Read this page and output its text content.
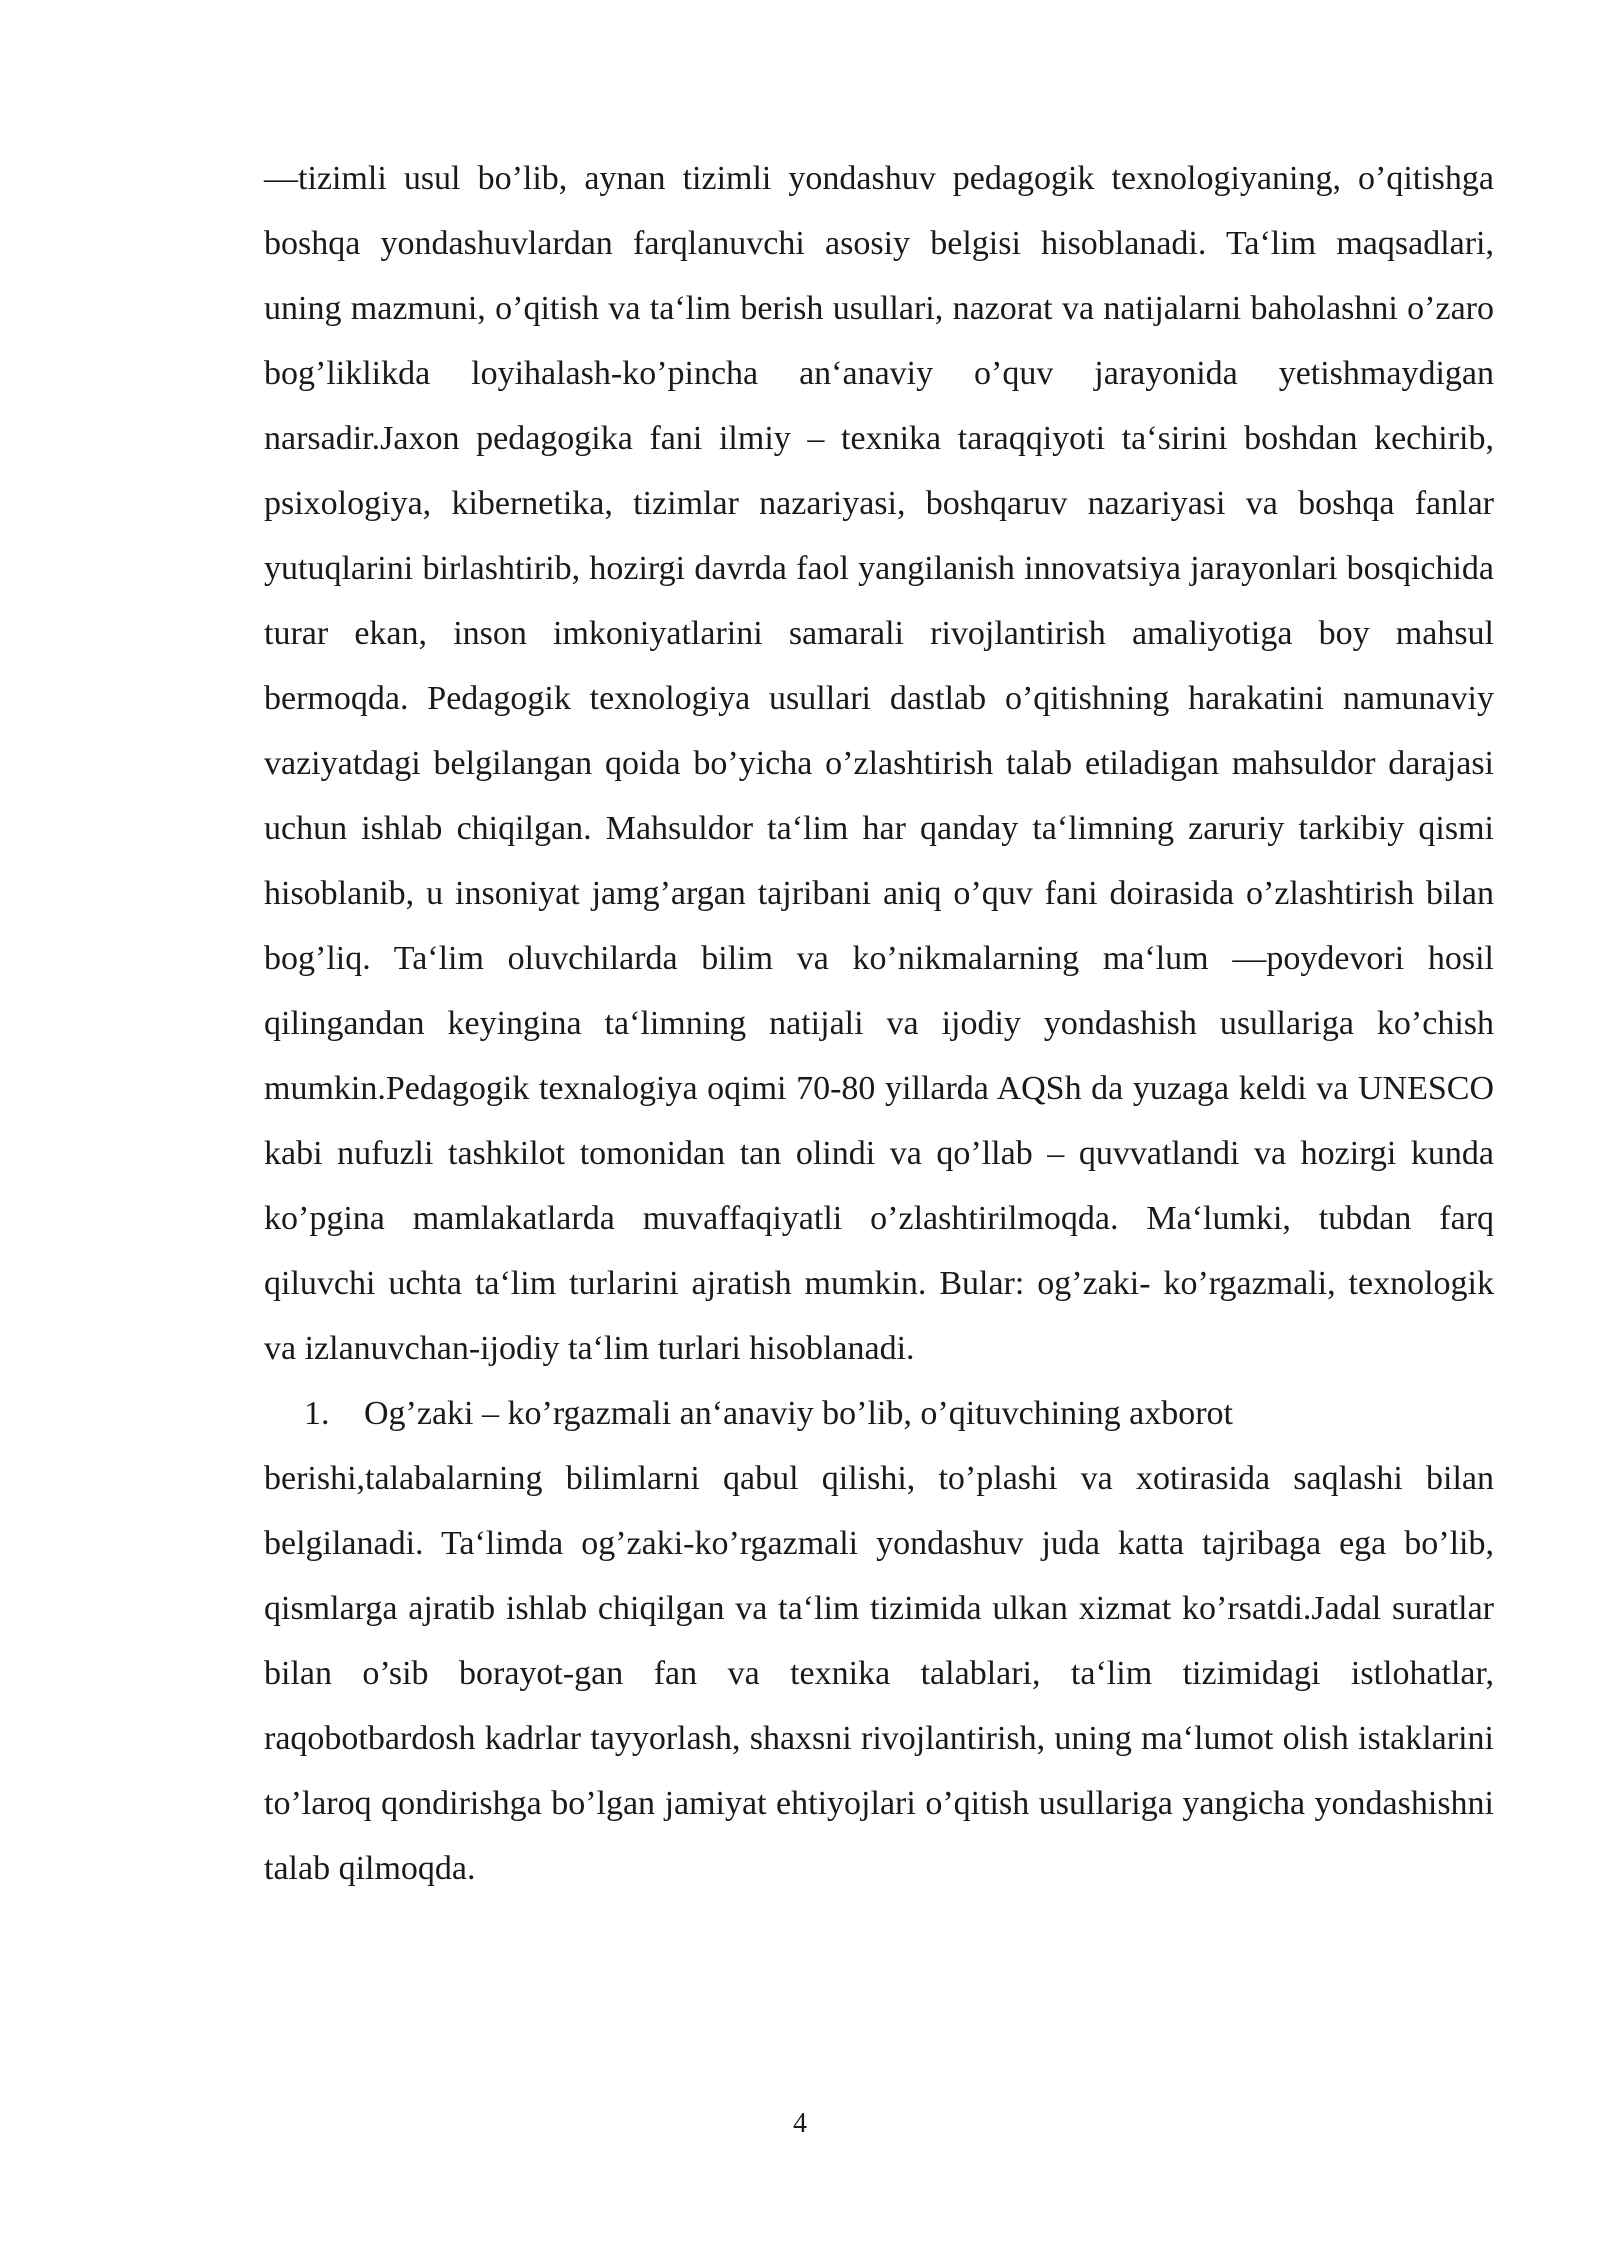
—tizimli usul bo’lib, aynan tizimli yondashuv pedagogik texnologiyaning, o’qitishga boshqa yondashuvlardan farqlanuvchi asosiy belgisi hisoblanadi. Ta‘lim maqsadlari, uning mazmuni, o’qitish va ta‘lim berish usullari, nazorat va natijalarni baholashni o’zaro bog’liklikda loyihalash-ko’pincha an‘anaviy o’quv jarayonida yetishmaydigan narsadir.Jaxon pedagogika fani ilmiy – texnika taraqqiyoti ta‘sirini boshdan kechirib, psixologiya, kibernetika, tizimlar nazariyasi, boshqaruv nazariyasi va boshqa fanlar yutuqlarini birlashtirib, hozirgi davrda faol yangilanish innovatsiya jarayonlari bosqichida turar ekan, inson imkoniyatlarini samarali rivojlantirish amaliyotiga boy mahsul bermoqda. Pedagogik texnologiya usullari dastlab o’qitishning harakatini namunaviy vaziyatdagi belgilangan qoida bo’yicha o’zlashtirish talab etiladigan mahsuldor darajasi uchun ishlab chiqilgan. Mahsuldor ta‘lim har qanday ta‘limning zaruriy tarkibiy qismi hisoblanib, u insoniyat jamg’argan tajribani aniq o’quv fani doirasida o’zlashtirish bilan bog’liq. Ta‘lim oluvchilarda bilim va ko’nikmalarning ma‘lum —poydevori hosil qilingandan keyingina ta‘limning natijali va ijodiy yondashish usullariga ko’chish mumkin.Pedagogik texnalogiya oqimi 70-80 yillarda AQSh da yuzaga keldi va UNESCO kabi nufuzli tashkilot tomonidan tan olindi va qo’llab – quvvatlandi va hozirgi kunda ko’pgina mamlakatlarda muvaffaqiyatli o’zlashtirilmoqda. Ma‘lumki, tubdan farq qiluvchi uchta ta‘lim turlarini ajratish mumkin. Bular: og’zaki- ko’rgazmali, texnologik va izlanuvchan-ijodiy ta‘lim turlari hisoblanadi.

1.	Og’zaki – ko’rgazmali an‘anaviy bo’lib, o’qituvchining axborot

berishi,talabalarning bilimlarni qabul qilishi, to’plashi va xotirasida saqlashi bilan belgilanadi. Ta‘limda og’zaki-ko’rgazmali yondashuv juda katta tajribaga ega bo’lib, qismlarga ajratib ishlab chiqilgan va ta‘lim tizimida ulkan xizmat ko’rsatdi.Jadal suratlar bilan o’sib borayot-gan fan va texnika talablari, ta‘lim tizimidagi istlohatlar, raqobotbardosh kadrlar tayyorlash, shaxsni rivojlantirish, uning ma‘lumot olish istaklarini to’laroq qondirishga bo’lgan jamiyat ehtiyojlari o’qitish usullariga yangicha yondashishni talab qilmoqda.

4
